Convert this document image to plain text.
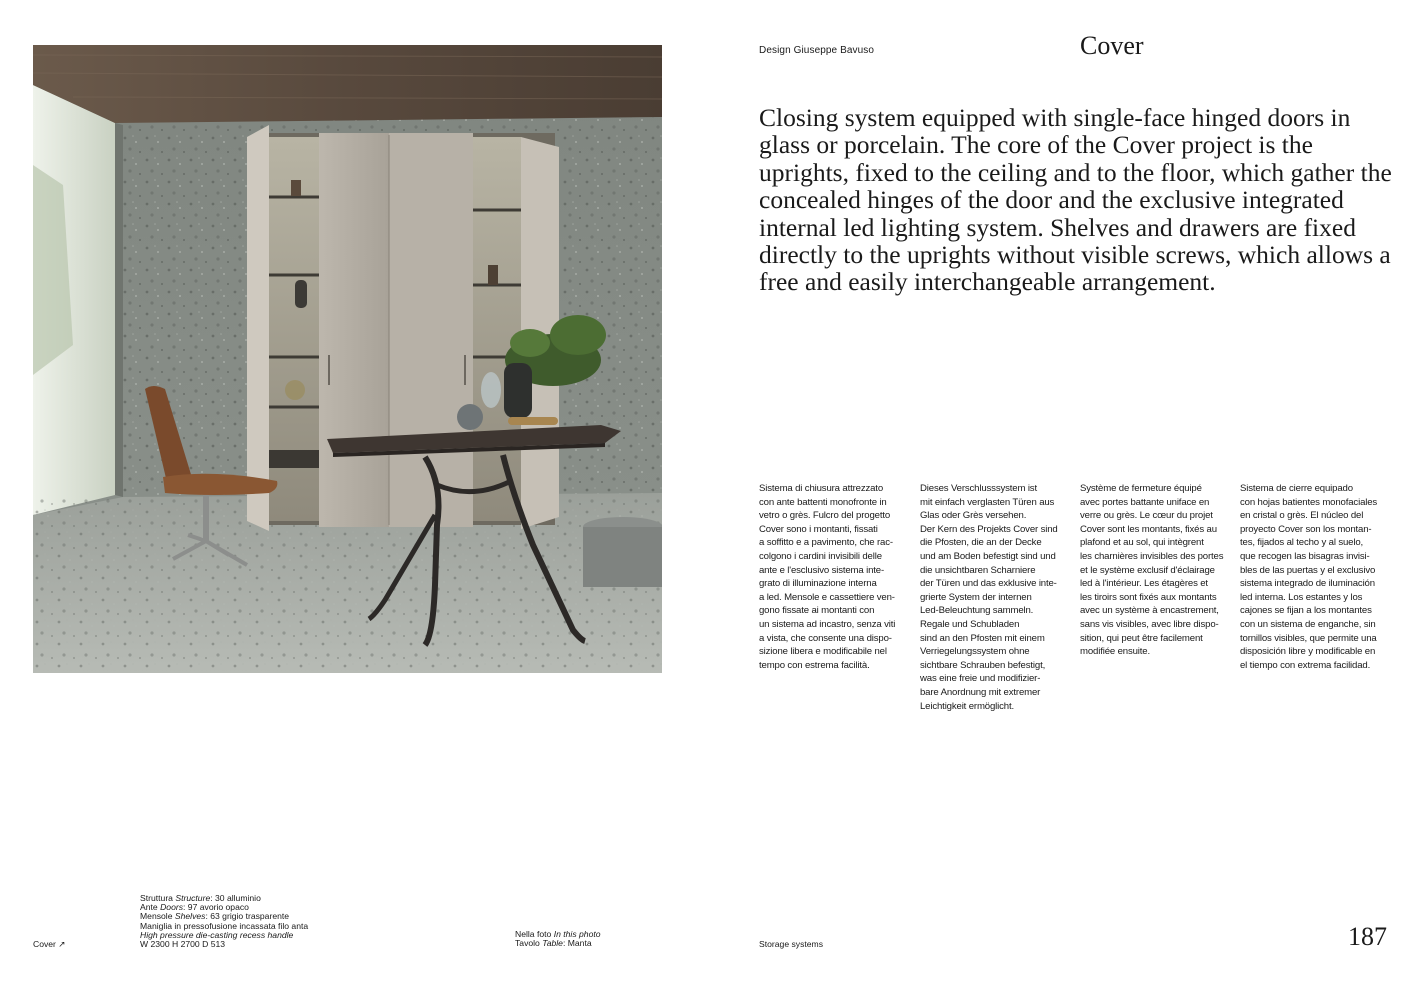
Design Giuseppe Bavuso	Cover
Closing system equipped with single-face hinged doors in glass or porcelain. The core of the Cover project is the uprights, fixed to the ceiling and to the floor, which gather the concealed hinges of the door and the exclusive integrated internal led lighting system. Shelves and drawers are fixed directly to the uprights without visible screws, which allows a free and easily interchangeable arrangement.
Sistema di chiusura attrezzato
con ante battenti monofronte in
vetro o grès. Fulcro del progetto
Cover sono i montanti, fissati
a soffitto e a pavimento, che rac-
colgono i cardini invisibili delle
ante e l'esclusivo sistema inte-
grato di illuminazione interna
a led. Mensole e cassettiere ven-
gono fissate ai montanti con
un sistema ad incastro, senza viti
a vista, che consente una dispo-
sizione libera e modificabile nel
tempo con estrema facilità.
Dieses Verschlusssystem ist
mit einfach verglasten Türen aus
Glas oder Grès versehen.
Der Kern des Projekts Cover sind
die Pfosten, die an der Decke
und am Boden befestigt sind und
die unsichtbaren Scharniere
der Türen und das exklusive inte-
grierte System der internen
Led-Beleuchtung sammeln.
Regale und Schubladen
sind an den Pfosten mit einem
Verriegelungssystem ohne
sichtbare Schrauben befestigt,
was eine freie und modifizier-
bare Anordnung mit extremer
Leichtigkeit ermöglicht.
Système de fermeture équipé
avec portes battante uniface en
verre ou grès. Le cœur du projet
Cover sont les montants, fixés au
plafond et au sol, qui intègrent
les charnières invisibles des portes
et le système exclusif d'éclairage
led à l'intérieur. Les étagères et
les tiroirs sont fixés aux montants
avec un système à encastrement,
sans vis visibles, avec libre dispo-
sition, qui peut être facilement
modifiée ensuite.
Sistema de cierre equipado
con hojas batientes monofaciales
en cristal o grès. El núcleo del
proyecto Cover son los montan-
tes, fijados al techo y al suelo,
que recogen las bisagras invisi-
bles de las puertas y el exclusivo
sistema integrado de iluminación
led interna. Los estantes y los
cajones se fijan a los montantes
con un sistema de enganche, sin
tornillos visibles, que permite una
disposición libre y modificable en
el tiempo con extrema facilidad.
Struttura Structure: 30 alluminio
Ante Doors: 97 avorio opaco
Mensole Shelves: 63 grigio trasparente
Maniglia in pressofusione incassata filo anta
High pressure die-casting recess handle
W 2300 H 2700 D 513
Cover ↗
Nella foto In this photo
Tavolo Table: Manta	Storage systems	187
